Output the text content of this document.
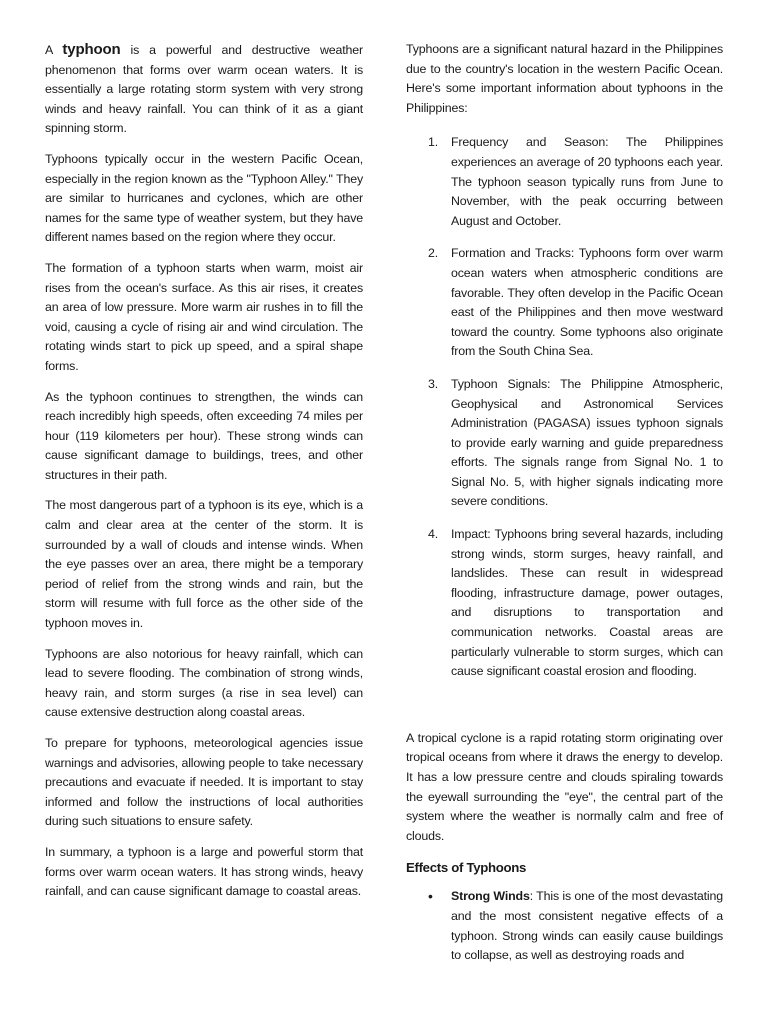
A typhoon is a powerful and destructive weather phenomenon that forms over warm ocean waters. It is essentially a large rotating storm system with very strong winds and heavy rainfall. You can think of it as a giant spinning storm.

Typhoons typically occur in the western Pacific Ocean, especially in the region known as the "Typhoon Alley." They are similar to hurricanes and cyclones, which are other names for the same type of weather system, but they have different names based on the region where they occur.

The formation of a typhoon starts when warm, moist air rises from the ocean's surface. As this air rises, it creates an area of low pressure. More warm air rushes in to fill the void, causing a cycle of rising air and wind circulation. The rotating winds start to pick up speed, and a spiral shape forms.

As the typhoon continues to strengthen, the winds can reach incredibly high speeds, often exceeding 74 miles per hour (119 kilometers per hour). These strong winds can cause significant damage to buildings, trees, and other structures in their path.

The most dangerous part of a typhoon is its eye, which is a calm and clear area at the center of the storm. It is surrounded by a wall of clouds and intense winds. When the eye passes over an area, there might be a temporary period of relief from the strong winds and rain, but the storm will resume with full force as the other side of the typhoon moves in.

Typhoons are also notorious for heavy rainfall, which can lead to severe flooding. The combination of strong winds, heavy rain, and storm surges (a rise in sea level) can cause extensive destruction along coastal areas.

To prepare for typhoons, meteorological agencies issue warnings and advisories, allowing people to take necessary precautions and evacuate if needed. It is important to stay informed and follow the instructions of local authorities during such situations to ensure safety.

In summary, a typhoon is a large and powerful storm that forms over warm ocean waters. It has strong winds, heavy rainfall, and can cause significant damage to coastal areas.

Typhoons are a significant natural hazard in the Philippines due to the country's location in the western Pacific Ocean. Here's some important information about typhoons in the Philippines:

1. Frequency and Season: The Philippines experiences an average of 20 typhoons each year. The typhoon season typically runs from June to November, with the peak occurring between August and October.
2. Formation and Tracks: Typhoons form over warm ocean waters when atmospheric conditions are favorable. They often develop in the Pacific Ocean east of the Philippines and then move westward toward the country. Some typhoons also originate from the South China Sea.
3. Typhoon Signals: The Philippine Atmospheric, Geophysical and Astronomical Services Administration (PAGASA) issues typhoon signals to provide early warning and guide preparedness efforts. The signals range from Signal No. 1 to Signal No. 5, with higher signals indicating more severe conditions.
4. Impact: Typhoons bring several hazards, including strong winds, storm surges, heavy rainfall, and landslides. These can result in widespread flooding, infrastructure damage, power outages, and disruptions to transportation and communication networks. Coastal areas are particularly vulnerable to storm surges, which can cause significant coastal erosion and flooding.

A tropical cyclone is a rapid rotating storm originating over tropical oceans from where it draws the energy to develop. It has a low pressure centre and clouds spiraling towards the eyewall surrounding the "eye", the central part of the system where the weather is normally calm and free of clouds.

Effects of Typhoons
• Strong Winds: This is one of the most devastating and the most consistent negative effects of a typhoon. Strong winds can easily cause buildings to collapse, as well as destroying roads and
